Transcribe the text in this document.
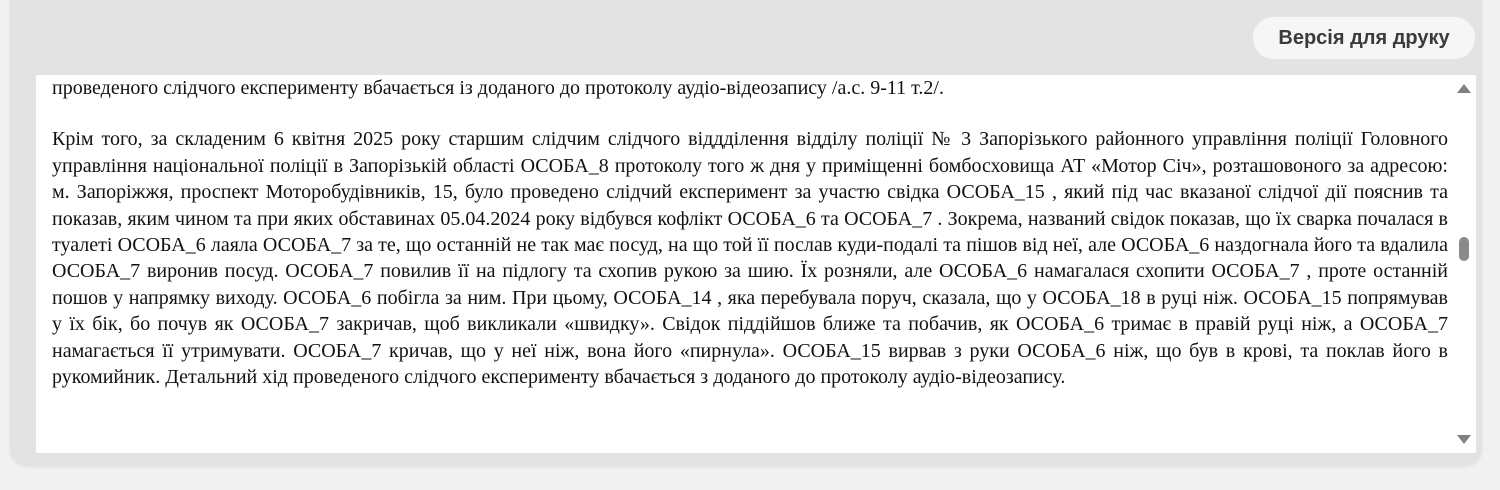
Версія для друку

проведеного слідчого експерименту вбачається із доданого до протоколу аудіо-відеозапису /а.с. 9-11 т.2/.

Крім того, за складеним 6 квітня 2025 року старшим слідчим слідчого віддділення відділу поліції № 3 Запорізького районного управління поліції Головного управління національної поліції в Запорізькій області ОСОБА_8 протоколу того ж дня у приміщенні бомбосховища АТ «Мотор Січ», розташовоного за адресою: м. Запоріжжя, проспект Моторобудівників, 15, було проведено слідчий експеримент за участю свідка ОСОБА_15 , який під час вказаної слідчої дії пояснив та показав, яким чином та при яких обставинах 05.04.2024 року відбувся кофлікт ОСОБА_6 та ОСОБА_7 . Зокрема, названий свідок показав, що їх сварка почалася в туалеті ОСОБА_6 лаяла ОСОБА_7 за те, що останній не так має посуд, на що той її послав куди-подалі та пішов від неї, але ОСОБА_6 наздогнала його та вдалила ОСОБА_7 виронив посуд. ОСОБА_7 повилив її на підлогу та схопив рукою за шию. Їх розняли, але ОСОБА_6 намагалася схопити ОСОБА_7 , проте останній пошов у напрямку виходу. ОСОБА_6 побігла за ним. При цьому, ОСОБА_14 , яка перебувала поруч, сказала, що у ОСОБА_18 в руці ніж. ОСОБА_15 попрямував у їх бік, бо почув як ОСОБА_7 закричав, щоб викликали «швидку». Свідок піддійшов ближе та побачив, як ОСОБА_6 тримає в правій руці ніж, а ОСОБА_7 намагається її утримувати. ОСОБА_7 кричав, що у неї ніж, вона його «пирнула». ОСОБА_15 вирвав з руки ОСОБА_6 ніж, що був в крові, та поклав його в рукомийник. Детальний хід проведеного слідчого експерименту вбачається з доданого до протоколу аудіо-відеозапису.
